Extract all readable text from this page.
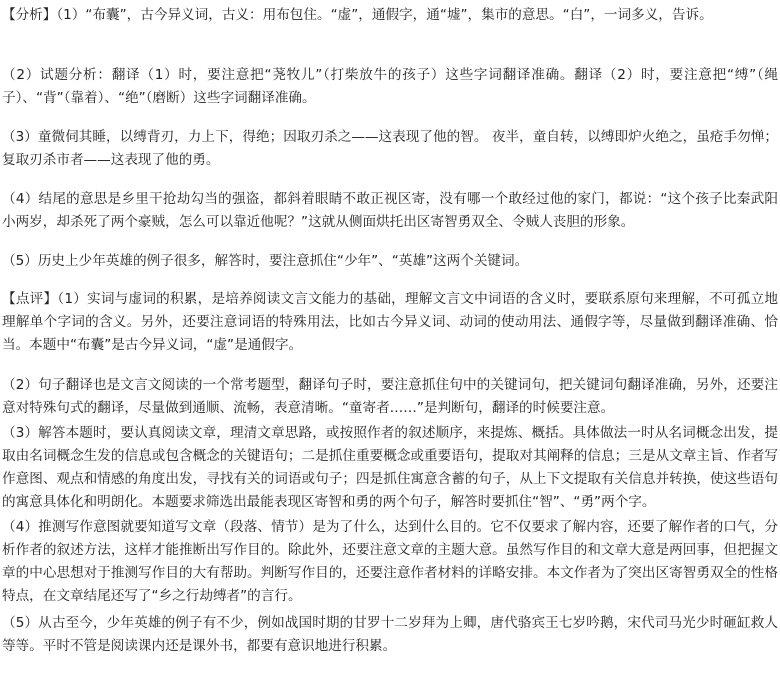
【分析】（1）“布囊”，古今异义词，古义：用布包住。“虚”，通假字，通“墟”，集市的意思。“白”，一词多义，告诉。

（2）试题分析：翻译（1）时，要注意把“荛牧儿”（打柴放牛的孩子）这些字词翻译准确。翻译（2）时，要注意把“缚”（绳子）、“背”（靠着）、“绝”（磨断）这些字词翻译准确。

（3）童微伺其睡，以缚背刃，力上下，得绝；因取刃杀之——这表现了他的智。 夜半，童自转，以缚即炉火绝之，虽疮手勿惮；复取刃杀市者——这表现了他的勇。

（4）结尾的意思是乡里干抢劫勾当的强盗，都斜着眼睛不敢正视区寄，没有哪一个敢经过他的家门，都说：“这个孩子比秦武阳小两岁，却杀死了两个豪贼，怎么可以靠近他呢？”这就从侧面烘托出区寄智勇双全、令贼人丧胆的形象。

（5）历史上少年英雄的例子很多，解答时，要注意抓住“少年”、“英雄”这两个关键词。

【点评】（1）实词与虚词的积累，是培养阅读文言文能力的基础，理解文言文中词语的含义时，要联系原句来理解，不可孤立地理解单个字词的含义。另外，还要注意词语的特殊用法，比如古今异义词、动词的使动用法、通假字等，尽量做到翻译准确、恰当。本题中“布囊”是古今异义词，“虚”是通假字。

（2）句子翻译也是文言文阅读的一个常考题型，翻译句子时，要注意抓住句中的关键词句，把关键词句翻译准确，另外，还要注意对特殊句式的翻译，尽量做到通顺、流畅，表意清晰。“童寄者……”是判断句，翻译的时候要注意。

（3）解答本题时，要认真阅读文章，理清文章思路，或按照作者的叙述顺序，来提炼、概括。具体做法一时从名词概念出发，提取由名词概念生发的信息或包含概念的关键语句；二是抓住重要概念或重要语句，提取对其阐释的信息；三是从文章主旨、作者写作意图、观点和情感的角度出发，寻找有关的词语或句子；四是抓住寓意含蓄的句子，从上下文提取有关信息并转换，使这些语句的寓意具体化和明朗化。本题要求筛选出最能表现区寄智和勇的两个句子，解答时要抓住“智”、“勇”两个字。

（4）推测写作意图就要知道写文章（段落、情节）是为了什么，达到什么目的。它不仅要求了解内容，还要了解作者的口气，分析作者的叙述方法，这样才能推断出写作目的。除此外，还要注意文章的主题大意。虽然写作目的和文章大意是两回事，但把握文章的中心思想对于推测写作目的大有帮助。判断写作目的，还要注意作者材料的详略安排。本文作者为了突出区寄智勇双全的性格特点，在文章结尾还写了“乡之行劫缚者”的言行。

（5）从古至今，少年英雄的例子有不少，例如战国时期的甘罗十二岁拜为上卿，唐代骆宾王七岁吟鹅，宋代司马光少时砸缸救人等等。平时不管是阅读课内还是课外书，都要有意识地进行积累。
